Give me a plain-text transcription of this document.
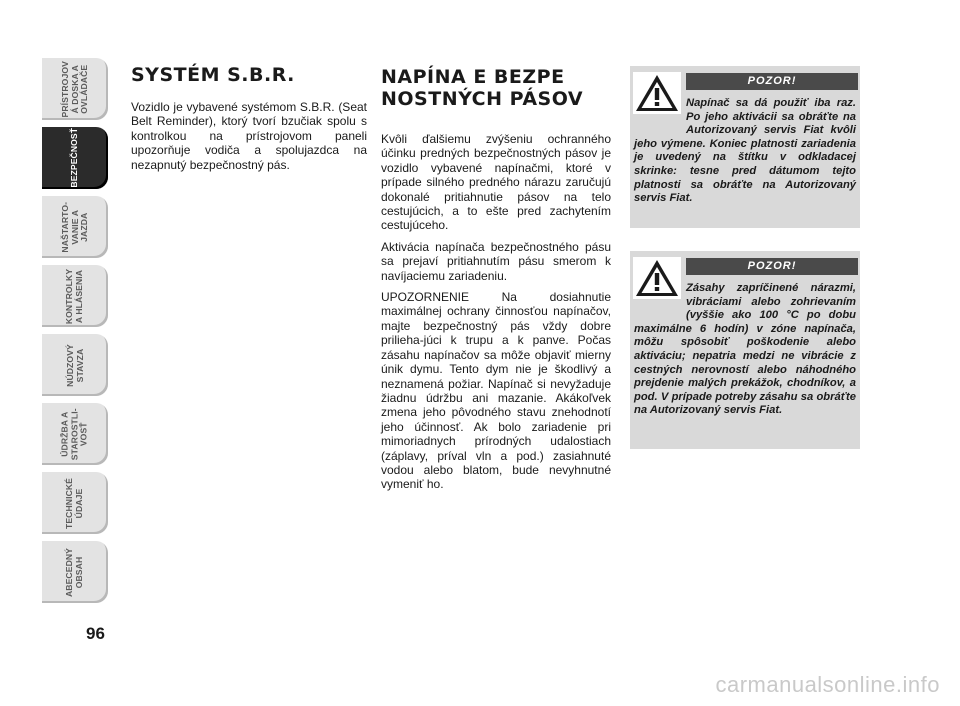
PRÍSTROJOV
Á DOSKA A
OVLÁDAČE
BEZPEČNOSŤ
NAŠTARTO-
VANIE A
JAZDA
KONTROLKY
A HLÁSENIA
NÚDZOVÝ
STAVZA
ÚDRŽBA A
STAROSTLI-
VOSŤ
TECHNICKÉ
ÚDAJE
ABECEDNÝ
OBSAH
96
SYSTÉM S.B.R.

Vozidlo je vybavené systémom S.B.R. (Seat Belt Reminder), ktorý tvorí bzučiak spolu s kontrolkou na prístrojovom paneli upozorňuje vodiča a spolujazdca na nezapnutý bezpečnostný pás.

NAPÍNA E BEZPE
NOSTNÝCH PÁSOV

Kvôli ďalšiemu zvýšeniu ochranného účinku predných bezpečnostných pásov je vozidlo vybavené napínačmi, ktoré v prípade silného predného nárazu zaručujú dokonalé pritiahnutie pásov na telo cestujúcich, a to ešte pred zachytením cestujúceho.

Aktivácia napínača bezpečnostného pásu sa prejaví pritiahnutím pásu smerom k navíjaciemu zariadeniu.

UPOZORNENIE Na dosiahnutie maximálnej ochrany činnosťou napínačov, majte bezpečnostný pás vždy dobre prilieha-júci k trupu a k panve. Počas zásahu napínačov sa môže objaviť mierny únik dymu. Tento dym nie je škodlivý a neznamená požiar. Napínač si nevyžaduje žiadnu údržbu ani mazanie. Akákoľvek zmena jeho pôvodného stavu znehodnotí jeho účinnosť. Ak bolo zariadenie pri mimoriadnych prírodných udalostiach (záplavy, príval vln a pod.) zasiahnuté vodou alebo blatom, bude nevyhnutné vymeniť ho.

POZOR!
Napínač sa dá použiť iba raz. Po jeho aktivácii sa obráťte na Autorizovaný servis Fiat kvôli jeho výmene. Koniec platnosti zariadenia je uvedený na štítku v odkladacej skrinke: tesne pred dátumom tejto platnosti sa obráťte na Autorizovaný servis Fiat.
POZOR!
Zásahy zapríčinené nárazmi, vibráciami alebo zohrievaním (vyššie ako 100 °C po dobu maximálne 6 hodín) v zóne napínača, môžu spôsobiť poškodenie alebo aktiváciu; nepatria medzi ne vibrácie z cestných nerovností alebo náhodného prejdenie malých prekážok, chodníkov, a pod. V prípade potreby zásahu sa obráťte na Autorizovaný servis Fiat.
carmanualsonline.info
